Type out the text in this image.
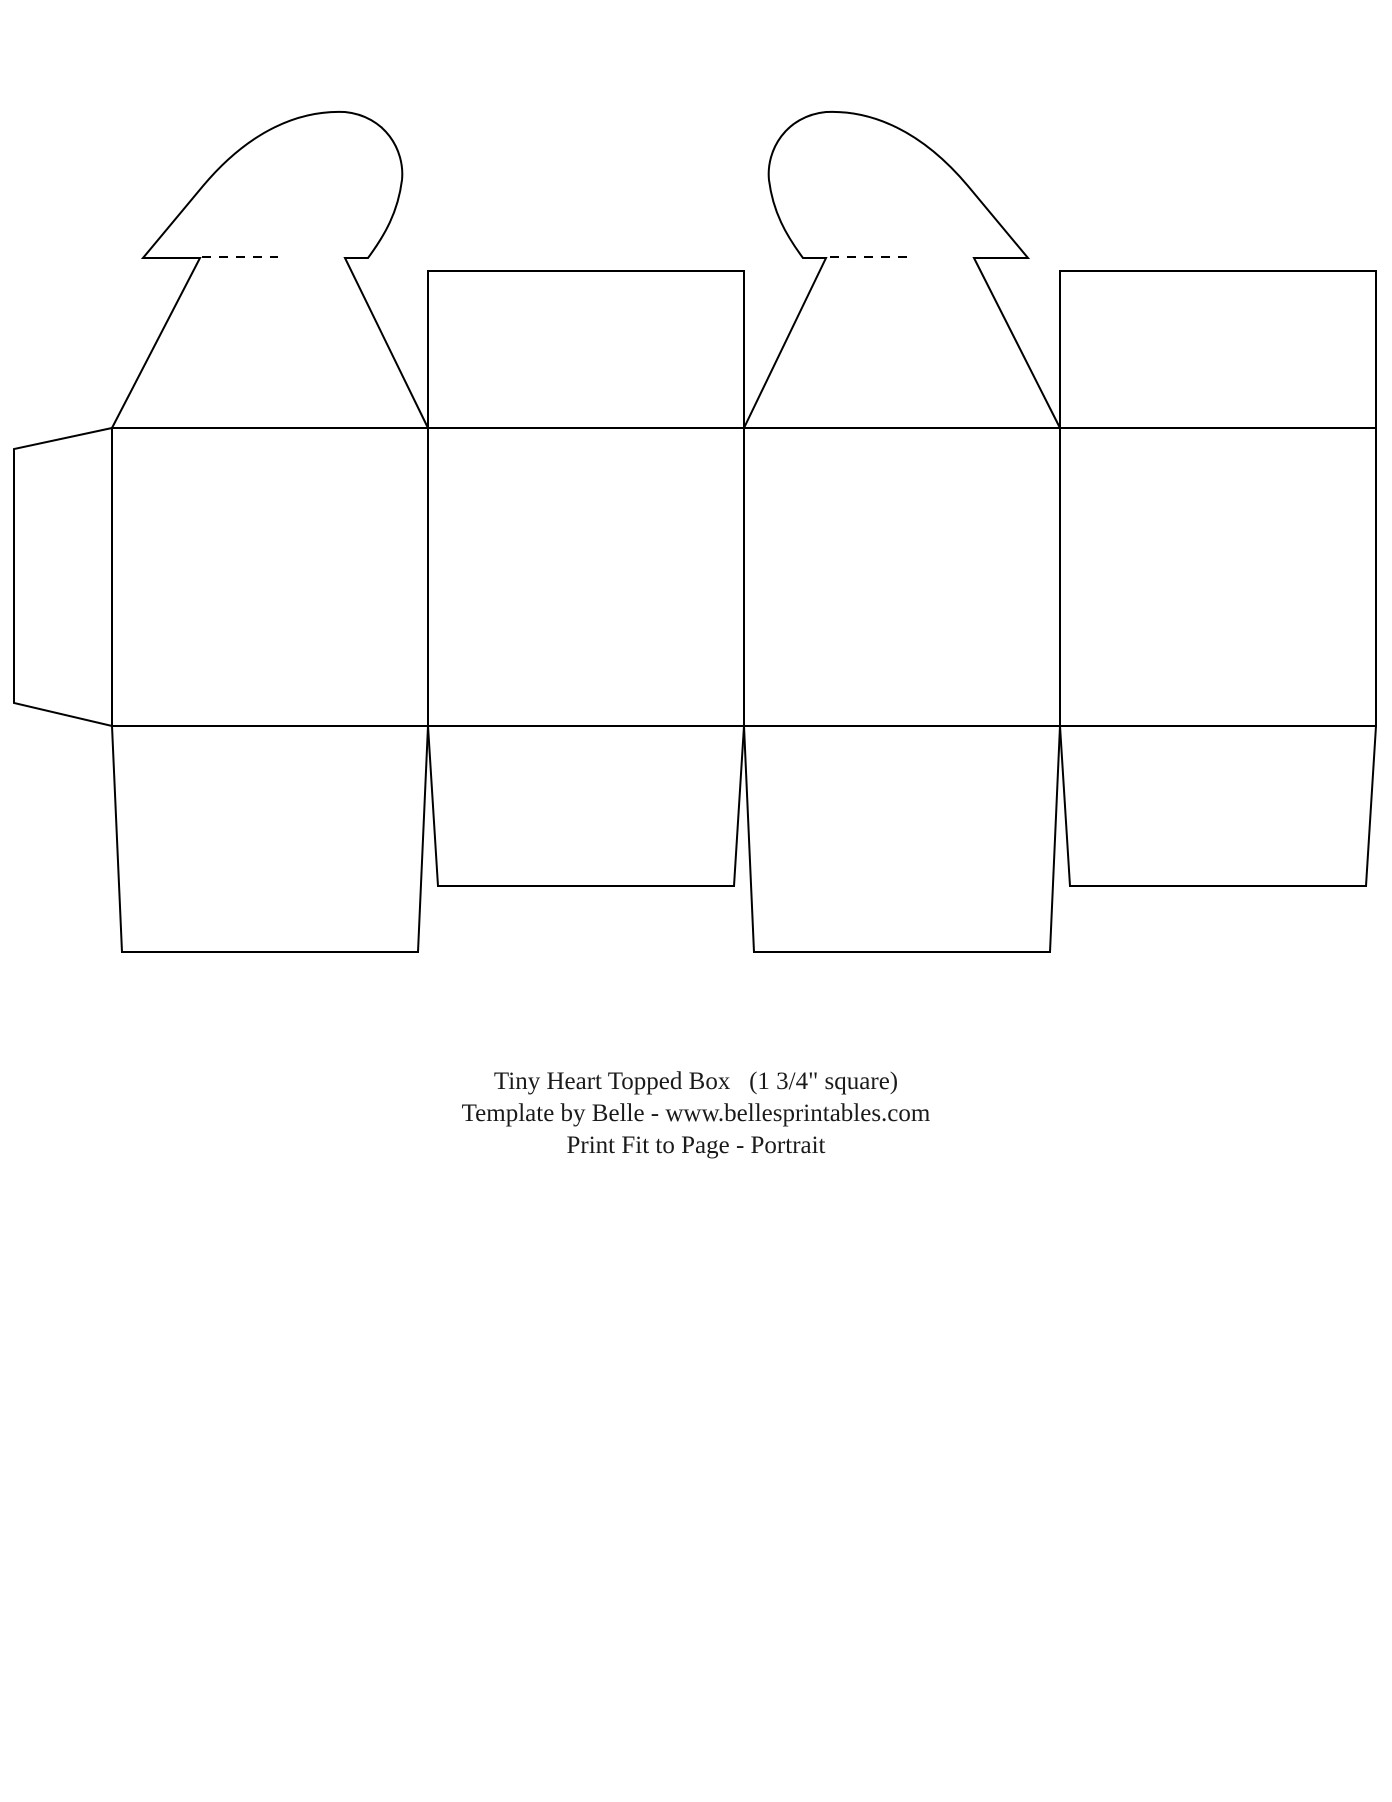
Tiny Heart Topped Box   (1 3/4" square)
Template by Belle - www.bellesprintables.com
Print Fit to Page - Portrait
